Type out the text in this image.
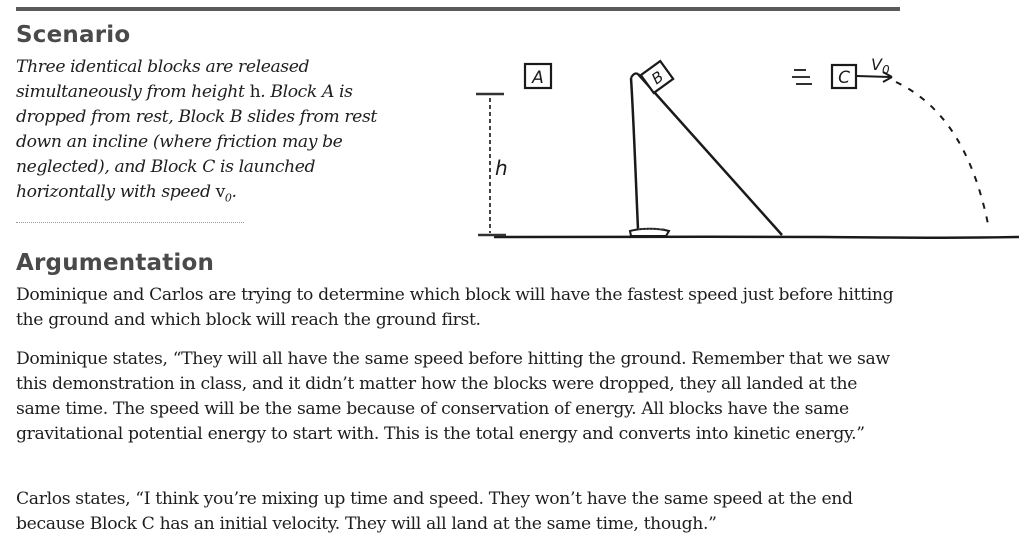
Scenario

Three identical blocks are released simultaneously from height h. Block A is dropped from rest, Block B slides from rest down an incline (where friction may be neglected), and Block C is launched horizontally with speed $v_0$.

h
A	B	C
$V_0$
Argumentation

Dominique and Carlos are trying to determine which block will have the fastest speed just before hitting the ground and which block will reach the ground first.

Dominique states, “They will all have the same speed before hitting the ground. Remember that we saw this demonstration in class, and it didn’t matter how the blocks were dropped, they all landed at the same time. The speed will be the same because of conservation of energy. All blocks have the same gravitational potential energy to start with. This is the total energy and converts into kinetic energy.”

Carlos states, “I think you’re mixing up time and speed. They won’t have the same speed at the end because Block C has an initial velocity. They will all land at the same time, though.”
